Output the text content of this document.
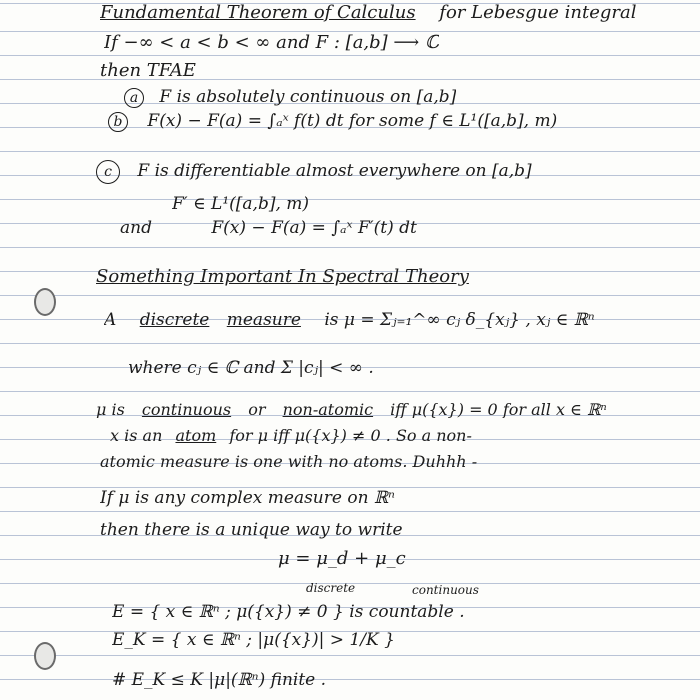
Fundamental Theorem of Calculus for Lebesgue integral
If −∞ < a < b < ∞ and F : [a,b] ⟶ ℂ
then TFAE
a F is absolutely continuous on [a,b]
b F(x) − F(a) = ∫ₐˣ f(t) dt for some f ∈ L¹([a,b], m)
c F is differentiable almost everywhere on [a,b]
F′ ∈ L¹([a,b], m)
and	F(x) − F(a) = ∫ₐˣ F′(t) dt
Something Important In Spectral Theory
A discrete measure is μ = Σⱼ₌₁^∞ cⱼ δ_{xⱼ} , xⱼ ∈ ℝⁿ
where cⱼ ∈ ℂ and Σ |cⱼ| < ∞ .
μ is continuous or non-atomic iff μ({x}) = 0 for all x ∈ ℝⁿ
x is an atom for μ iff μ({x}) ≠ 0 . So a non-
atomic measure is one with no atoms. Duhhh -
If μ is any complex measure on ℝⁿ
then there is a unique way to write
μ = μ_d + μ_c
discrete	continuous
E = { x ∈ ℝⁿ ; μ({x}) ≠ 0 } is countable .
E_K = { x ∈ ℝⁿ ; |μ({x})| > 1/K }
# E_K ≤ K |μ|(ℝⁿ) finite .
